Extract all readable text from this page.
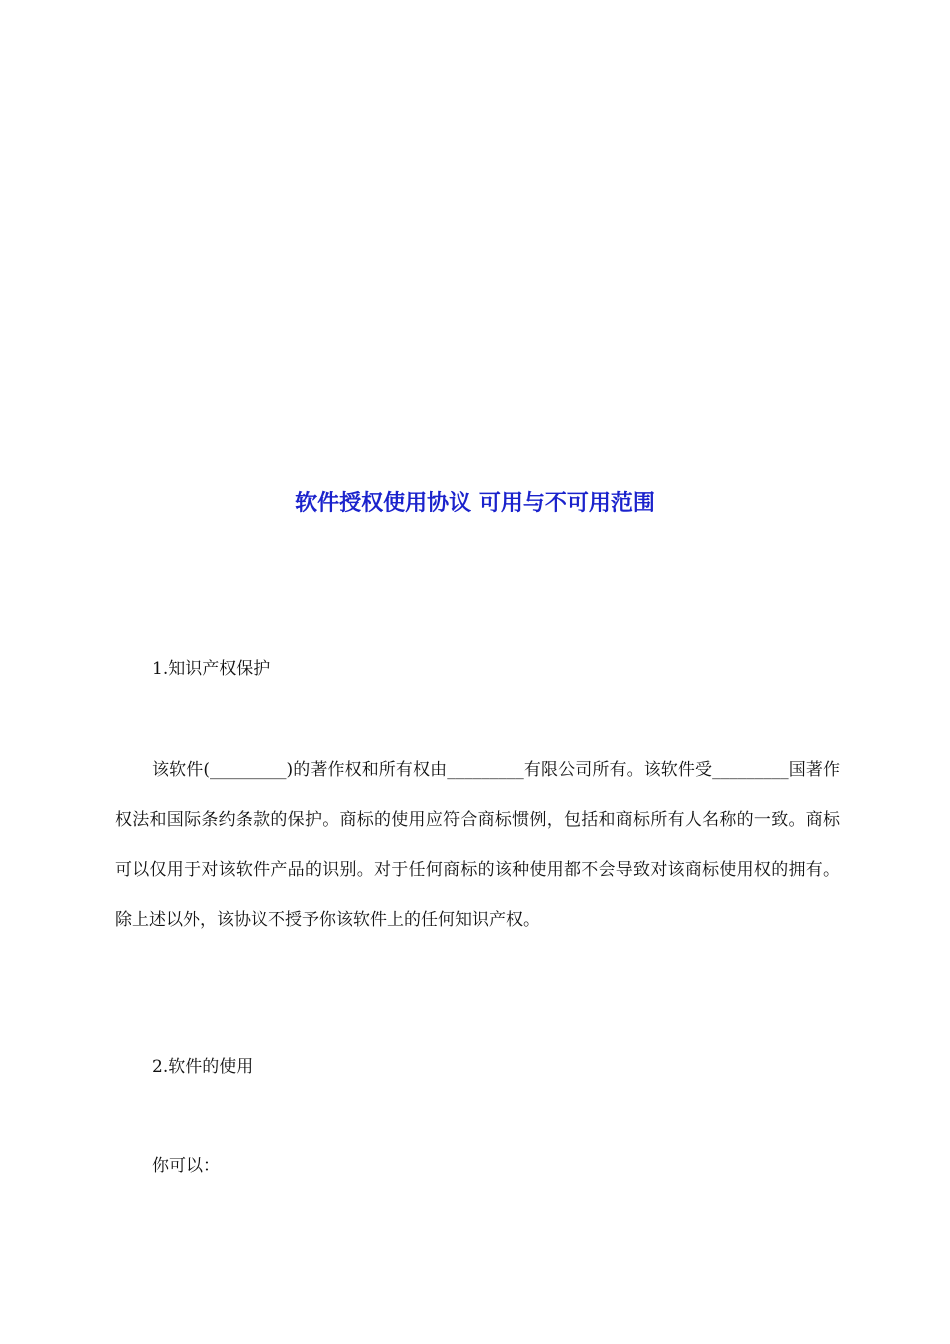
软件授权使用协议 可用与不可用范围

1.知识产权保护

该软件(_________)的著作权和所有权由_________有限公司所有。该软件受_________国著作权法和国际条约条款的保护。商标的使用应符合商标惯例，包括和商标所有人名称的一致。商标可以仅用于对该软件产品的识别。对于任何商标的该种使用都不会导致对该商标使用权的拥有。除上述以外，该协议不授予你该软件上的任何知识产权。

2.软件的使用

你可以：
